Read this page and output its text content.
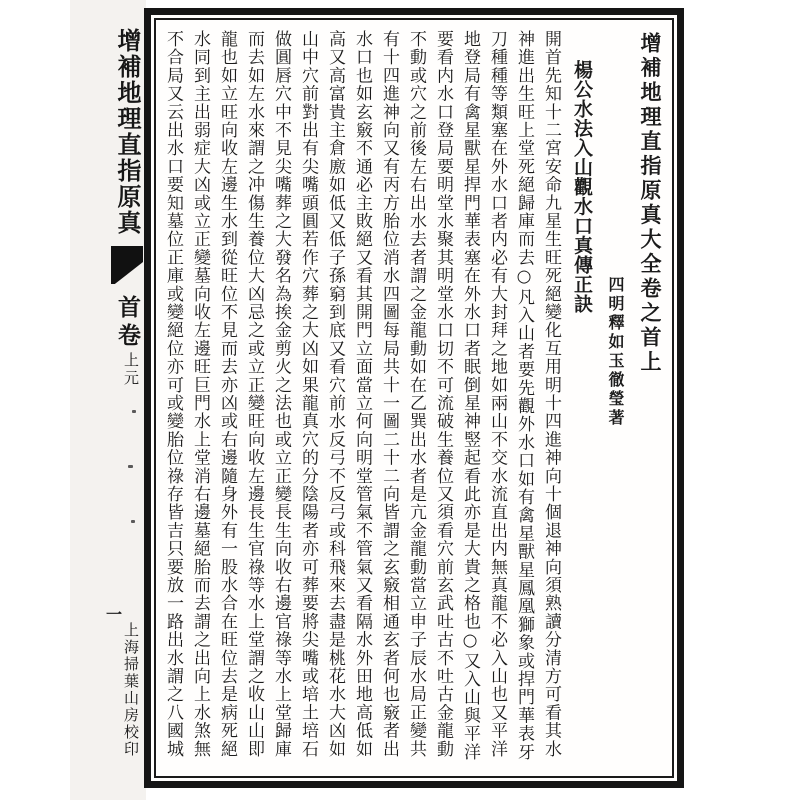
增補地理直指原真
首卷
上元
一
上海掃葉山房校印
增補地理直指原真大全卷之首上
四明釋如玉徹瑩著
楊公水法入山觀水口真傳正訣
開首先知十二宮安命九星生旺死絕變化互用明十四進神向十個退神向須熟讀分清方可看其水
神進出生旺上堂死絕歸庫而去○凡入山者要先觀外水口如有禽星獸星鳳凰獅象或捍門華表牙
刀種種等類塞在外水口者内必有大封拜之地如兩山不交水流直出内無真龍不必入山也又平洋
地登局有禽星獸星捍門華表塞在外水口者眠倒星神竪起看此亦是大貴之格也○又入山與平洋
要看内水口登局要明堂水聚其明堂水口切不可流破生養位又須看穴前玄武吐古不吐古金龍動
不動或穴之前後左右出水去者謂之金龍動如在乙巽出水者是亢金龍動當立申子辰水局正變共
有十四進神向又有丙方胎位消水四圖每局共十一圖二十二向皆謂之玄竅相通玄者何也竅者出
水口也如玄竅不通必主敗絕又看其開門立面當立何向明堂管氣不管氣又看隔水外田地高低如
高又高富貴主倉廒如低又低子孫窮到底又看穴前水反弓不反弓或科飛來去盡是桃花水大凶如
山中穴前對出有尖嘴頭圓若作穴葬之大凶如果龍真穴的分陰陽者亦可葬要將尖嘴或培土培石
做圓唇穴中不見尖嘴葬之大發名為挨金剪火之法也或立正變長生向收右邊官祿等水上堂歸庫
而去如左水來謂之冲傷生養位大凶忌之或立正變旺向收左邊長生官祿等水上堂謂之收山山即
龍也如立旺向收左邊生水到從旺位不見而去亦凶或右邊隨身外有一股水合在旺位去是病死絕
水同到主出弱症大凶或立正變墓向收左邊旺巨門水上堂消右邊墓絕胎而去謂之出向上水煞無
不合局又云出水口要知墓位正庫或變絕位亦可或變胎位祿存皆吉只要放一路出水謂之八國城
